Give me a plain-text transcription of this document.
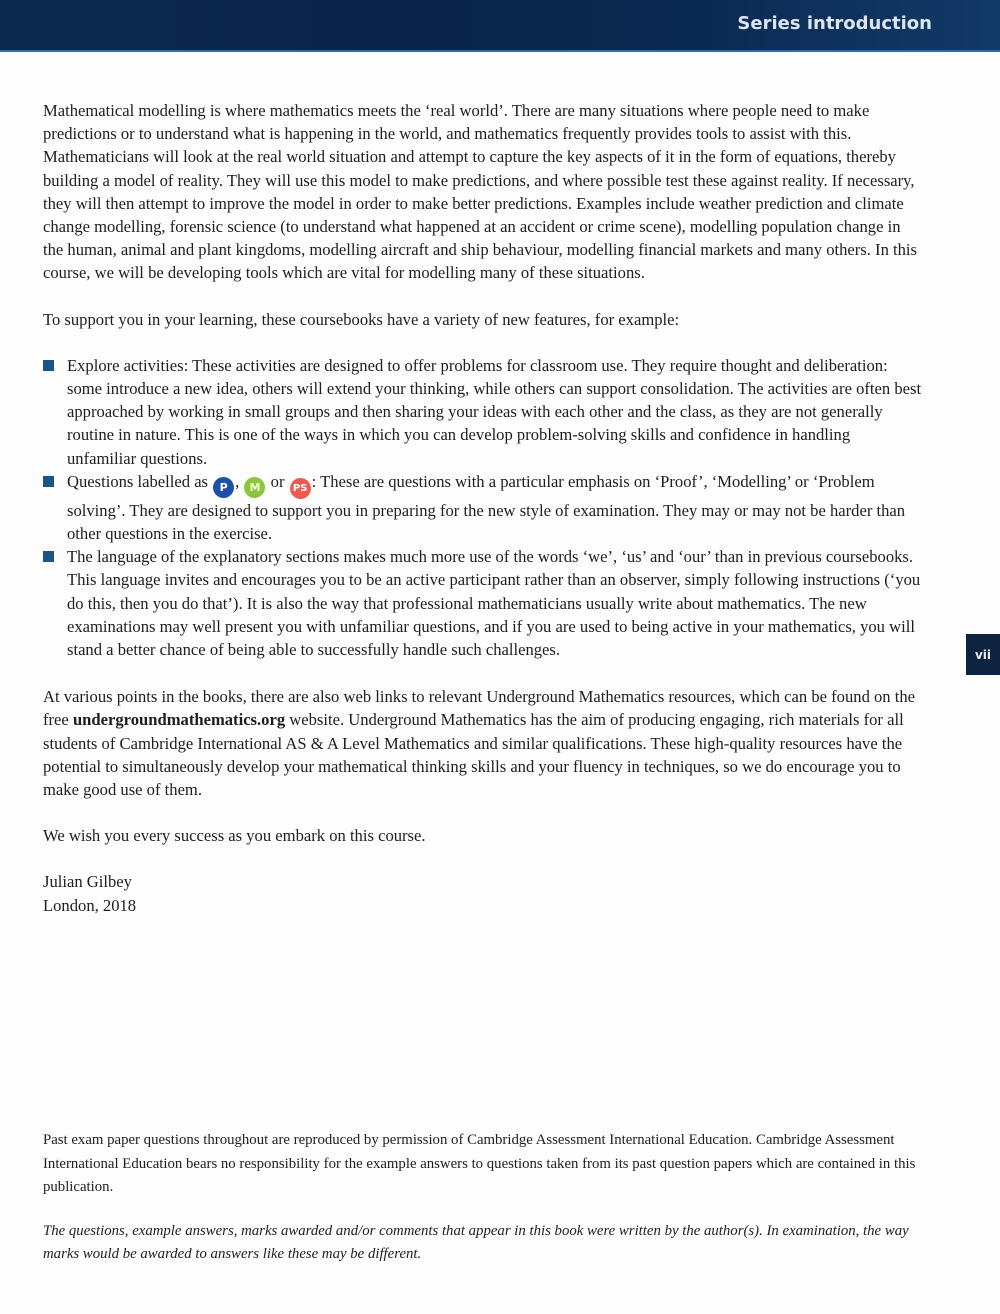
Series introduction
vii

Mathematical modelling is where mathematics meets the ‘real world’. There are many situations where people need to make predictions or to understand what is happening in the world, and mathematics frequently provides tools to assist with this. Mathematicians will look at the real world situation and attempt to capture the key aspects of it in the form of equations, thereby building a model of reality. They will use this model to make predictions, and where possible test these against reality. If necessary, they will then attempt to improve the model in order to make better predictions. Examples include weather prediction and climate change modelling, forensic science (to understand what happened at an accident or crime scene), modelling population change in the human, animal and plant kingdoms, modelling aircraft and ship behaviour, modelling financial markets and many others. In this course, we will be developing tools which are vital for modelling many of these situations.

To support you in your learning, these coursebooks have a variety of new features, for example:

Explore activities: These activities are designed to offer problems for classroom use. They require thought and deliberation: some introduce a new idea, others will extend your thinking, while others can support consolidation. The activities are often best approached by working in small groups and then sharing your ideas with each other and the class, as they are not generally routine in nature. This is one of the ways in which you can develop problem-solving skills and confidence in handling unfamiliar questions.
Questions labelled as P , M or PS : These are questions with a particular emphasis on ‘Proof’, ‘Modelling’ or ‘Problem solving’. They are designed to support you in preparing for the new style of examination. They may or may not be harder than other questions in the exercise.
The language of the explanatory sections makes much more use of the words ‘we’, ‘us’ and ‘our’ than in previous coursebooks. This language invites and encourages you to be an active participant rather than an observer, simply following instructions (‘you do this, then you do that’). It is also the way that professional mathematicians usually write about mathematics. The new examinations may well present you with unfamiliar questions, and if you are used to being active in your mathematics, you will stand a better chance of being able to successfully handle such challenges.

At various points in the books, there are also web links to relevant Underground Mathematics resources, which can be found on the free undergroundmathematics.org website. Underground Mathematics has the aim of producing engaging, rich materials for all students of Cambridge International AS & A Level Mathematics and similar qualifications. These high-quality resources have the potential to simultaneously develop your mathematical thinking skills and your fluency in techniques, so we do encourage you to make good use of them.

We wish you every success as you embark on this course.

Julian Gilbey
London, 2018

Past exam paper questions throughout are reproduced by permission of Cambridge Assessment International Education. Cambridge Assessment International Education bears no responsibility for the example answers to questions taken from its past question papers which are contained in this publication.

The questions, example answers, marks awarded and/or comments that appear in this book were written by the author(s). In examination, the way marks would be awarded to answers like these may be different.
